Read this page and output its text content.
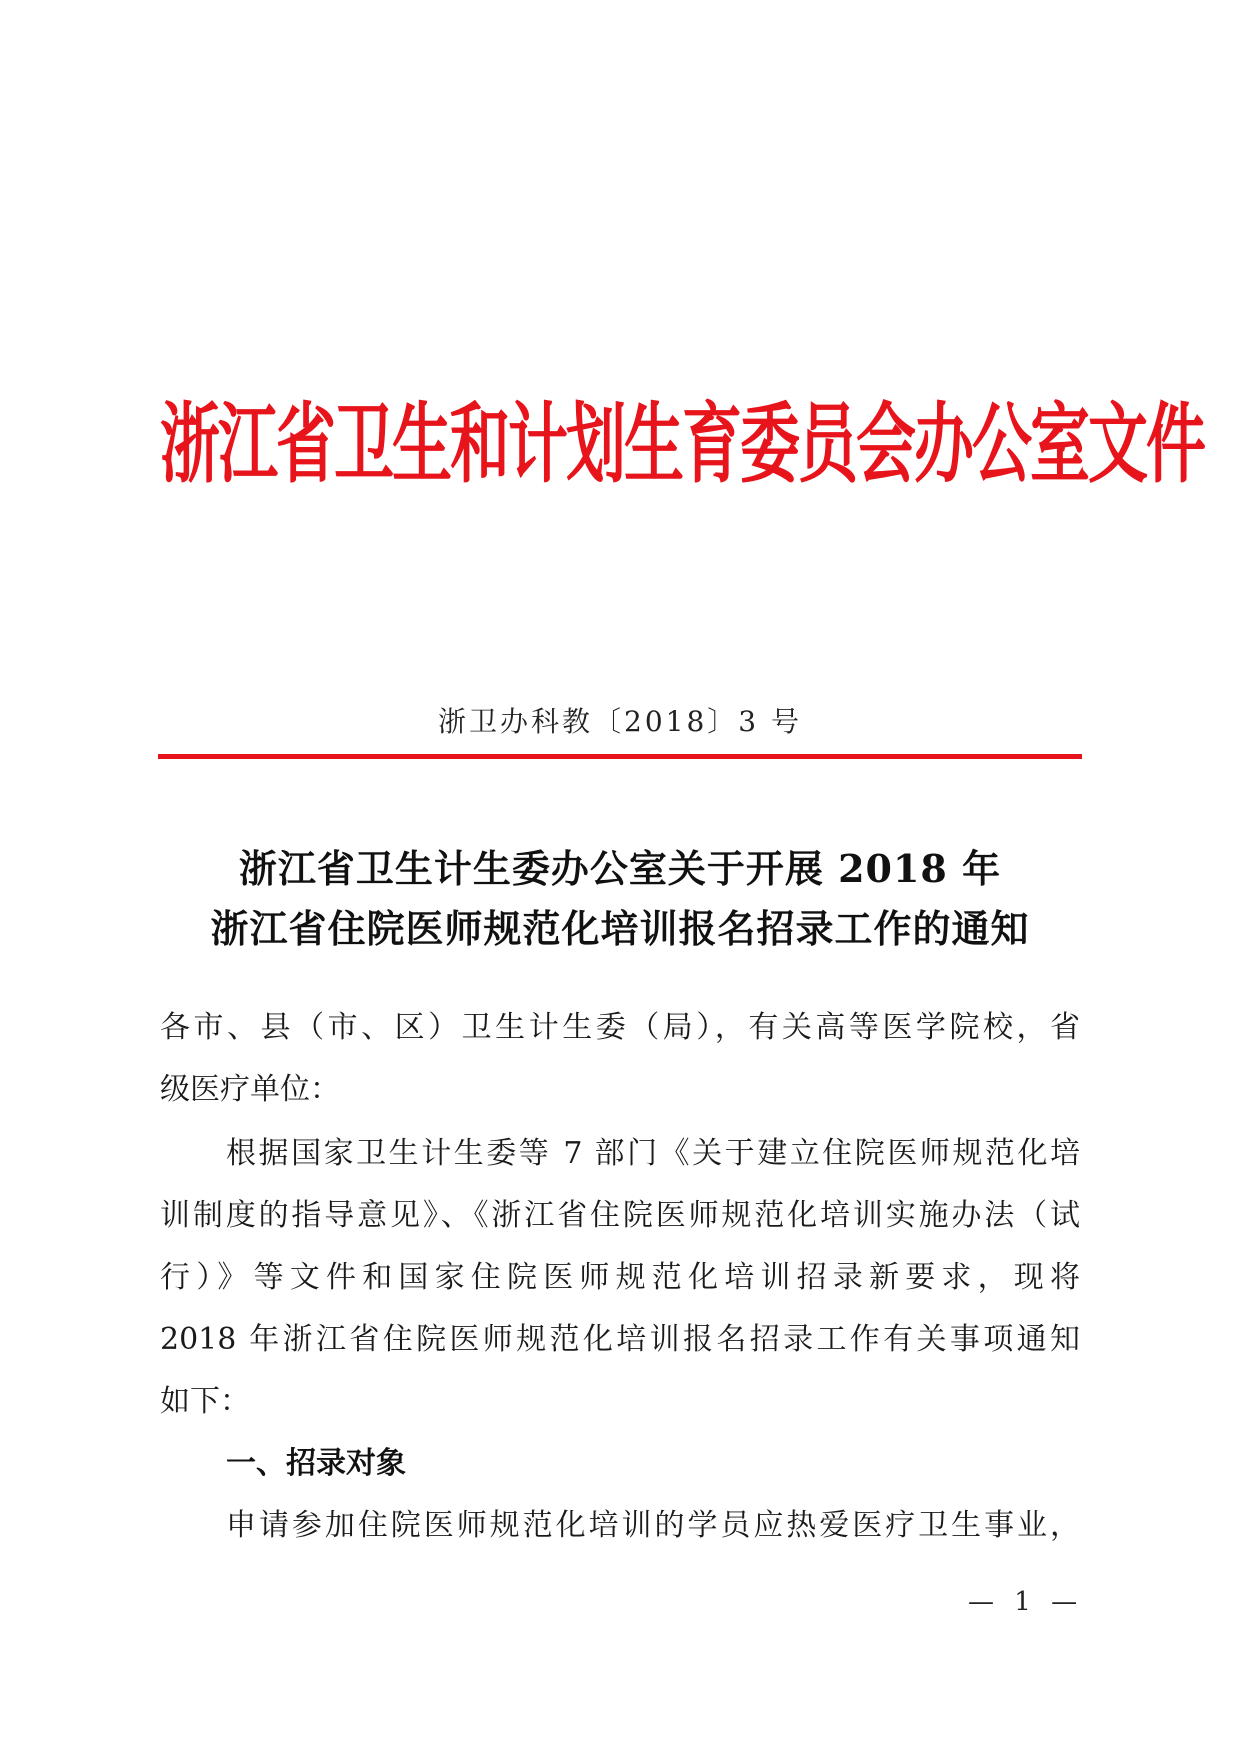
浙江省卫生和计划生育委员会办公室文件
浙卫办科教〔2018〕3 号
浙江省卫生计生委办公室关于开展 2018 年
浙江省住院医师规范化培训报名招录工作的通知
各市、县（市、区）卫生计生委（局），有关高等医学院校，省
级医疗单位：
根据国家卫生计生委等 7 部门《关于建立住院医师规范化培
训制度的指导意见》、《浙江省住院医师规范化培训实施办法（试
行）》等文件和国家住院医师规范化培训招录新要求，现将
2018 年浙江省住院医师规范化培训报名招录工作有关事项通知
如下：
一、招录对象
申请参加住院医师规范化培训的学员应热爱医疗卫生事业，
— 1 —
